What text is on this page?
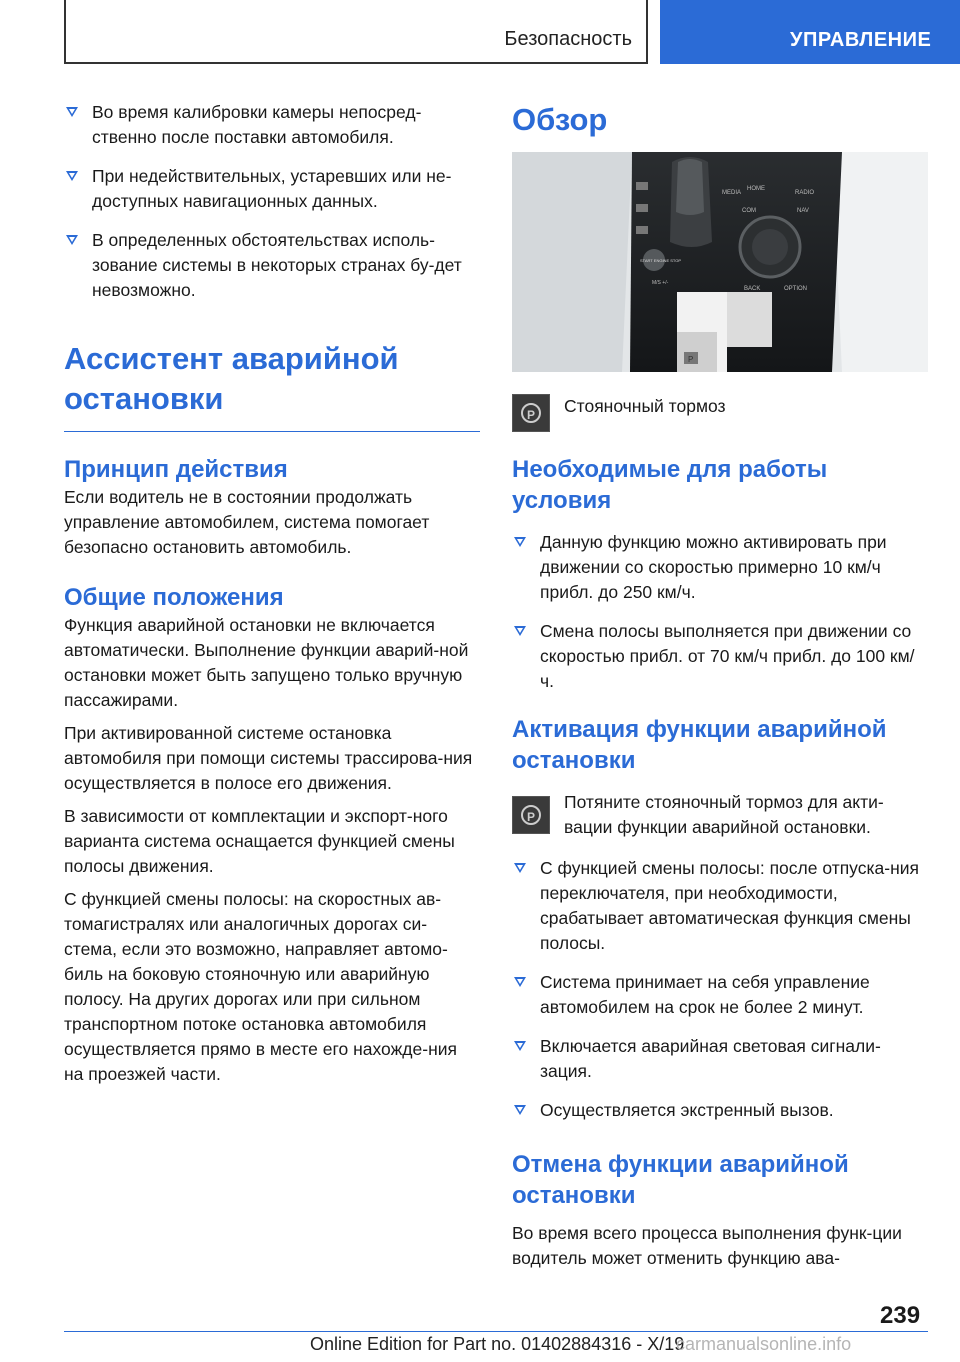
Безопасность	УПРАВЛЕНИЕ
Во время калибровки камеры непосред-ственно после поставки автомобиля.
При недействительных, устаревших или не-доступных навигационных данных.
В определенных обстоятельствах исполь-зование системы в некоторых странах бу-дет невозможно.
Ассистент аварийной остановки
Принцип действия

Если водитель не в состоянии продолжать управление автомобилем, система помогает безопасно остановить автомобиль.

Общие положения

Функция аварийной остановки не включается автоматически. Выполнение функции аварий-ной остановки может быть запущено только вручную пассажирами.

При активированной системе остановка автомобиля при помощи системы трассирова-ния осуществляется в полосе его движения.

В зависимости от комплектации и экспорт-ного варианта система оснащается функцией смены полосы движения.

С функцией смены полосы: на скоростных ав-томагистралях или аналогичных дорогах си-стема, если это возможно, направляет автомо-биль на боковую стояночную или аварийную полосу. На других дорогах или при сильном транспортном потоке остановка автомобиля осуществляется прямо в месте его нахожде-ния на проезжей части.

Обзор
HOME
RADIO
COM	NAV
MEDIA
BACK	OPTION
START ENGINE STOP
M/S +/-
P
P	Стояночный тормоз

Необходимые для работы условия
Данную функцию можно активировать при движении со скоростью примерно 10 км/ч прибл. до 250 км/ч.
Смена полосы выполняется при движении со скоростью прибл. от 70 км/ч прибл. до 100 км/ч.
Активация функции аварийной остановки
P

Потяните стояночный тормоз для акти-вации функции аварийной остановки.

С функцией смены полосы: после отпуска-ния переключателя, при необходимости, срабатывает автоматическая функция смены полосы.
Система принимает на себя управление автомобилем на срок не более 2 минут.
Включается аварийная световая сигнали-зация.
Осуществляется экстренный вызов.
Отмена функции аварийной остановки

Во время всего процесса выполнения функ-ции водитель может отменить функцию ава-

239
Online Edition for Part no. 01402884316 - X/19
carmanualsonline.info
